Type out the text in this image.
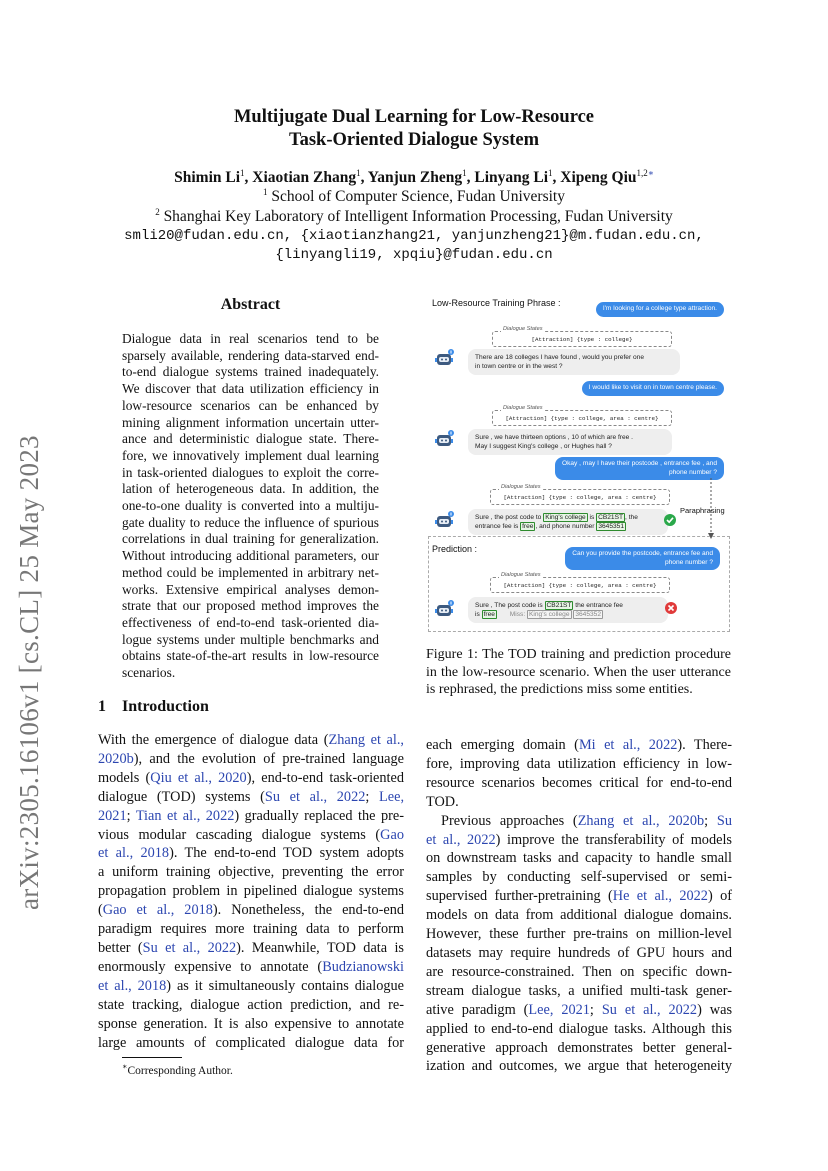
arXiv:2305.16106v1 [cs.CL] 25 May 2023
Multijugate Dual Learning for Low-Resource
Task-Oriented Dialogue System
Shimin Li$^1$, Xiaotian Zhang$^1$, Yanjun Zheng$^1$, Linyang Li$^1$, Xipeng Qiu$^{1,2∗}$
$^1$ School of Computer Science, Fudan University
$^2$ Shanghai Key Laboratory of Intelligent Information Processing, Fudan University
smli20@fudan.edu.cn, {xiaotianzhang21, yanjunzheng21}@m.fudan.edu.cn,
{linyangli19, xpqiu}@fudan.edu.cn
Abstract
Dialogue data in real scenarios tend to be
sparsely available, rendering data-starved end-
to-end dialogue systems trained inadequately.
We discover that data utilization efficiency in
low-resource scenarios can be enhanced by
mining alignment information uncertain utter-
ance and deterministic dialogue state. There-
fore, we innovatively implement dual learning
in task-oriented dialogues to exploit the corre-
lation of heterogeneous data. In addition, the
one-to-one duality is converted into a multiju-
gate duality to reduce the influence of spurious
correlations in dual training for generalization.
Without introducing additional parameters, our
method could be implemented in arbitrary net-
works. Extensive empirical analyses demon-
strate that our proposed method improves the
effectiveness of end-to-end task-oriented dia-
logue systems under multiple benchmarks and
obtains state-of-the-art results in low-resource
scenarios.
1 Introduction
With the emergence of dialogue data (Zhang et al.,
2020b), and the evolution of pre-trained language
models (Qiu et al., 2020), end-to-end task-oriented
dialogue (TOD) systems (Su et al., 2022; Lee,
2021; Tian et al., 2022) gradually replaced the pre-
vious modular cascading dialogue systems (Gao
et al., 2018). The end-to-end TOD system adopts
a uniform training objective, preventing the error
propagation problem in pipelined dialogue systems
(Gao et al., 2018). Nonetheless, the end-to-end
paradigm requires more training data to perform
better (Su et al., 2022). Meanwhile, TOD data is
enormously expensive to annotate (Budzianowski
et al., 2018) as it simultaneously contains dialogue
state tracking, dialogue action prediction, and re-
sponse generation. It is also expensive to annotate
large amounts of complicated dialogue data for
each emerging domain (Mi et al., 2022). There-
fore, improving data utilization efficiency in low-
resource scenarios becomes critical for end-to-end
TOD.
Previous approaches (Zhang et al., 2020b; Su
et al., 2022) improve the transferability of models
on downstream tasks and capacity to handle small
samples by conducting self-supervised or semi-
supervised further-pretraining (He et al., 2022) of
models on data from additional dialogue domains.
However, these further pre-trains on million-level
datasets may require hundreds of GPU hours and
are resource-constrained. Then on specific down-
stream dialogue tasks, a unified multi-task gener-
ative paradigm (Lee, 2021; Su et al., 2022) was
applied to end-to-end dialogue tasks. Although this
generative approach demonstrates better general-
ization and outcomes, we argue that heterogeneity
∗Corresponding Author.
Low-Resource Training Phrase :
I'm looking for a college type attraction.
Dialogue States
[Attraction] {type : college}
There are 18 colleges I have found , would you prefer one
in town centre or in the west ?
I would like to visit on in town centre please.
Dialogue States
[Attraction] {type : college, area : centre}
Sure , we have thirteen options , 10 of which are free .
May I suggest King's college , or Hughes hall ?
Okay , may I have their postcode , entrance fee , and
phone number ?
Dialogue States
[Attraction] {type : college, area : centre}
Paraphrasing
Sure , the post code to King's college is CB21ST , the
entrance fee is free , and phone number 3645351
Prediction :	Can you provide the postcode, entrance fee and
phone number ?
Dialogue States
[Attraction] {type : college, area : centre}
Sure , The post code is CB21ST the entrance fee
is free Miss: King's college 3645352
Figure 1: The TOD training and prediction procedure
in the low-resource scenario. When the user utterance
is rephrased, the predictions miss some entities.
